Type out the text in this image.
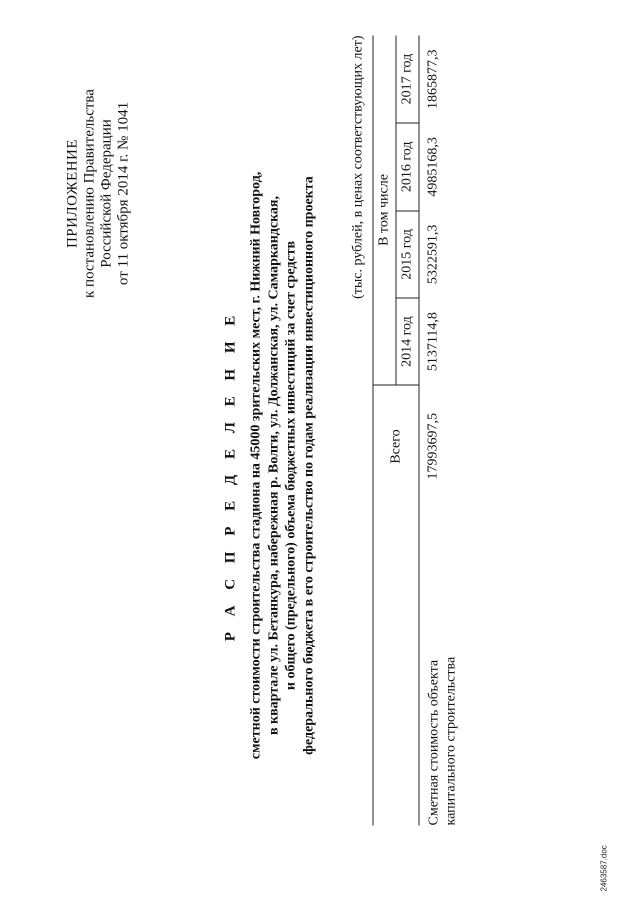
ПРИЛОЖЕНИЕ к постановлению Правительства Российской Федерации от 11 октября 2014 г. № 1041
Р А С П Р Е Д Е Л Е Н И Е сметной стоимости строительства стадиона на 45000 зрительских мест, г. Нижний Новгород, в квартале ул. Бетанкура, набережная р. Волги, ул. Должанская, ул. Самаркандская, и общего (предельного) объема бюджетных инвестиций за счет средств федерального бюджета в его строительство по годам реализации инвестиционного проекта
(тыс. рублей, в ценах соответствующих лет)
	Всего	В том числе			
		2014 год	2015 год	2016 год	2017 год

Сметная стоимость объекта капитального строительства	17993697,5	5137114,8	5322591,3	4985168,3	1865877,3
2463587.doc
